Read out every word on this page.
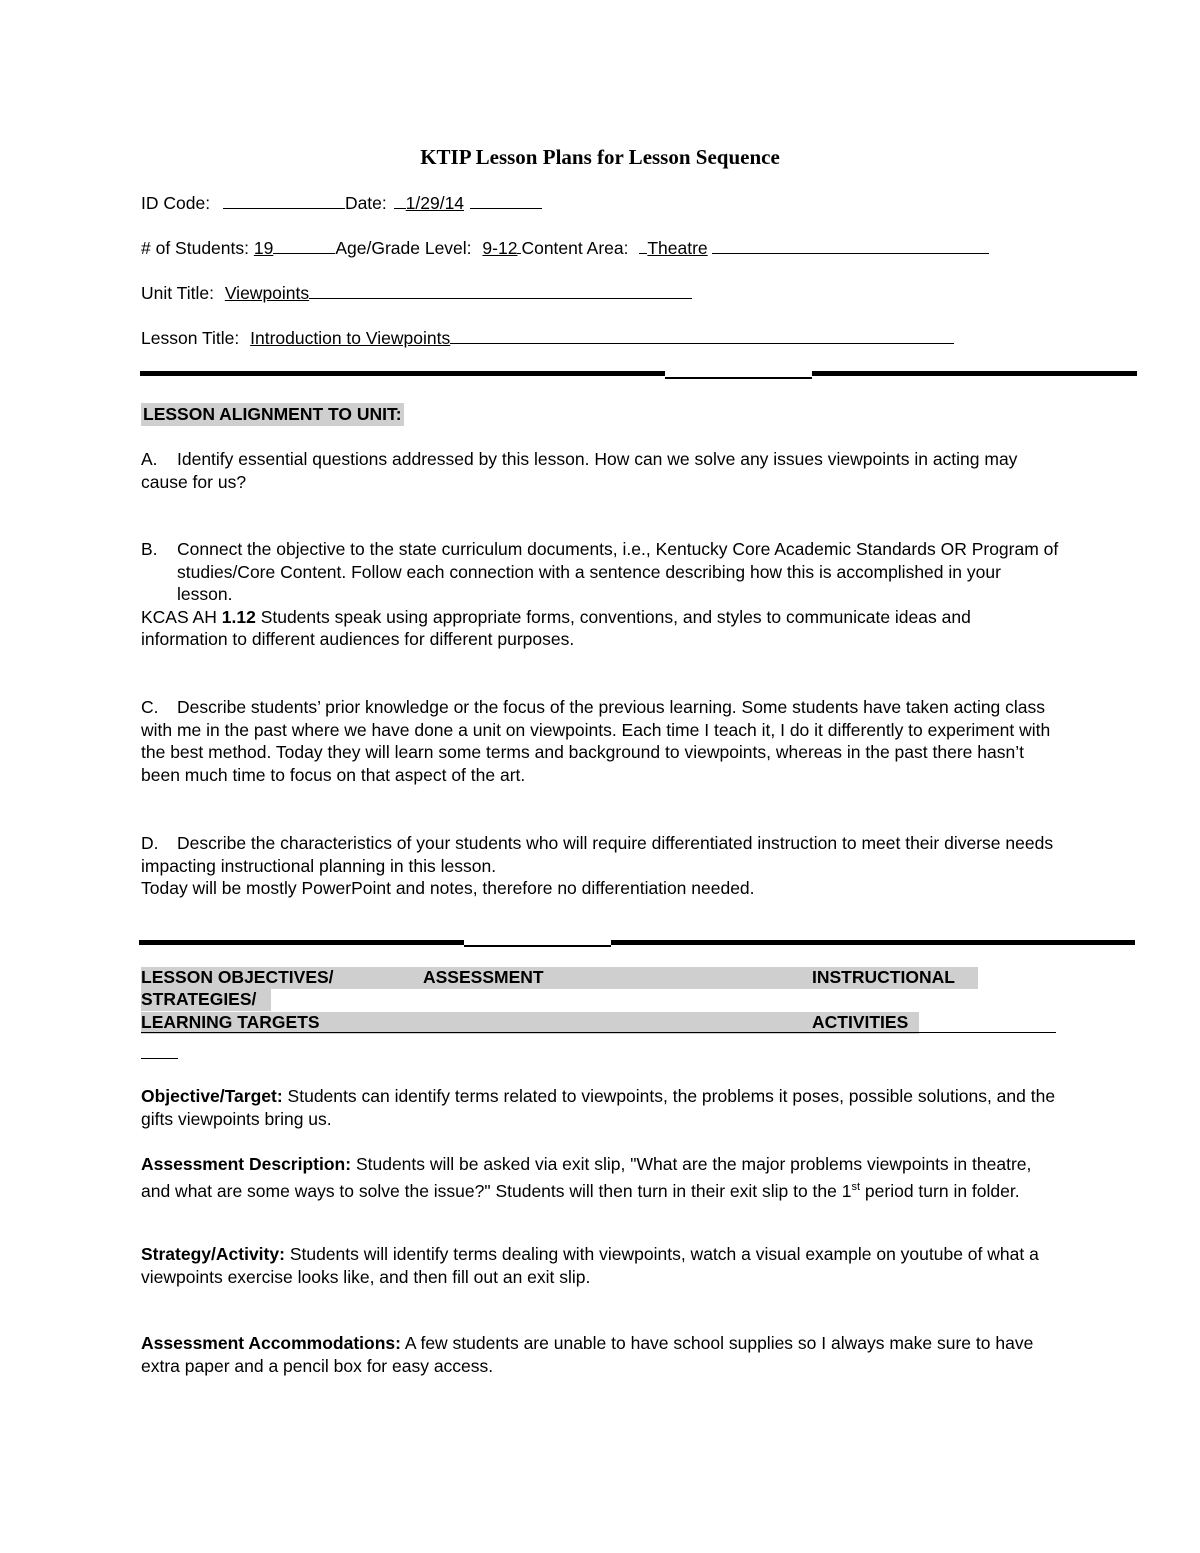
KTIP Lesson Plans for Lesson Sequence
ID Code:	Date: 1/29/14
# of Students: 19	Age/Grade Level: 9-12 Content Area: Theatre
Unit Title: Viewpoints
Lesson Title: Introduction to Viewpoints
LESSON ALIGNMENT TO UNIT:
A. Identify essential questions addressed by this lesson. How can we solve any issues viewpoints in acting may cause for us?
B.	Connect the objective to the state curriculum documents, i.e., Kentucky Core Academic Standards OR Program of studies/Core Content. Follow each connection with a sentence describing how this is accomplished in your lesson.
KCAS AH 1.12 Students speak using appropriate forms, conventions, and styles to communicate ideas and information to different audiences for different purposes.
C. Describe students’ prior knowledge or the focus of the previous learning. Some students have taken acting class with me in the past where we have done a unit on viewpoints. Each time I teach it, I do it differently to experiment with the best method. Today they will learn some terms and background to viewpoints, whereas in the past there hasn’t been much time to focus on that aspect of the art.
D. Describe the characteristics of your students who will require differentiated instruction to meet their diverse needs impacting instructional planning in this lesson.
Today will be mostly PowerPoint and notes, therefore no differentiation needed.
LESSON OBJECTIVES/	ASSESSMENT	INSTRUCTIONAL
STRATEGIES/
LEARNING TARGETS	ACTIVITIES
Objective/Target: Students can identify terms related to viewpoints, the problems it poses, possible solutions, and the gifts viewpoints bring us.
Assessment Description: Students will be asked via exit slip, "What are the major problems viewpoints in theatre, and what are some ways to solve the issue?" Students will then turn in their exit slip to the 1st period turn in folder.
Strategy/Activity: Students will identify terms dealing with viewpoints, watch a visual example on youtube of what a viewpoints exercise looks like, and then fill out an exit slip.
Assessment Accommodations: A few students are unable to have school supplies so I always make sure to have extra paper and a pencil box for easy access.
